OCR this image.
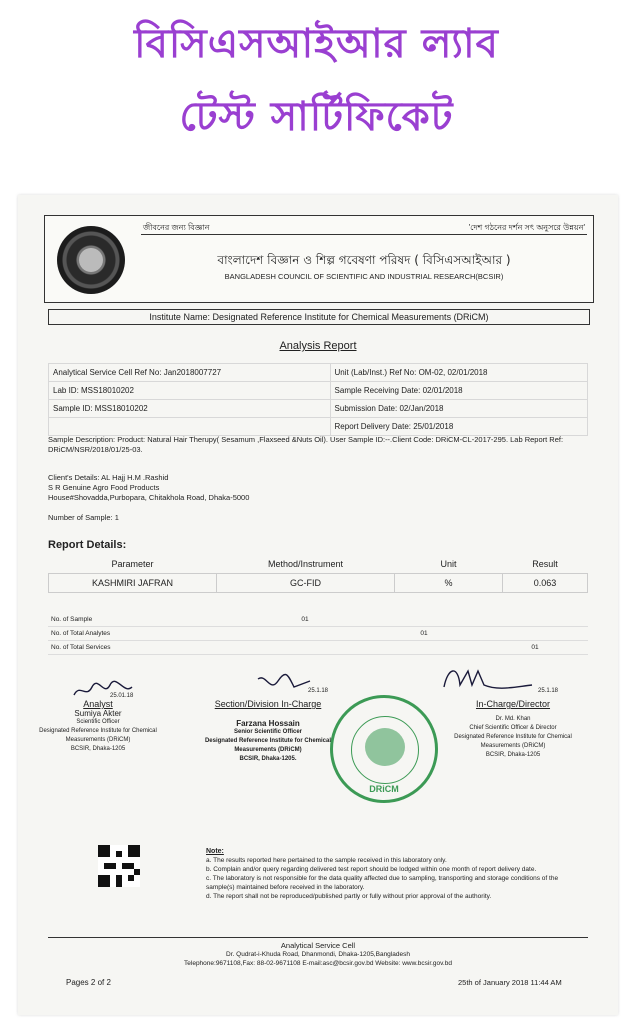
বিসিএসআইআর ল্যাব
টেস্ট সার্টিফিকেট
জীবনের জন্য বিজ্ঞান	'দেশ গঠনের দর্শন সৎ অনুসরে উন্নয়ন'
বাংলাদেশ বিজ্ঞান ও শিল্প গবেষণা পরিষদ ( বিসিএসআইআর )
BANGLADESH COUNCIL OF SCIENTIFIC AND INDUSTRIAL RESEARCH(BCSIR)
Institute Name: Designated Reference Institute for Chemical Measurements (DRiCM)
Analysis Report
Analytical Service Cell Ref No: Jan2018007727	Unit (Lab/Inst.) Ref No: OM-02, 02/01/2018
Lab ID: MSS18010202	Sample Receiving Date: 02/01/2018
Sample ID: MSS18010202	Submission Date: 02/Jan/2018
	Report Delivery Date: 25/01/2018
Sample Description: Product: Natural Hair Therupy( Sesamum ,Flaxseed &Nuts Oil). User Sample ID:--.Client Code: DRiCM-CL-2017-295. Lab Report Ref: DRiCM/NSR/2018/01/25-03.
Client's Details: AL Hajj H.M .Rashid
S R Genuine Agro Food Products
House#Shovadda,Purbopara, Chitakhola Road, Dhaka-5000
Number of Sample: 1
Report Details:
Parameter	Method/Instrument	Unit	Result
KASHMIRI JAFRAN	GC-FID	%	0.063
No. of Sample	01		
No. of Total Analytes		01	
No. of Total Services			01
25.01.18
Analyst
Sumiya Akter
Scientific Officer
Designated Reference Institute for Chemical Measurements (DRiCM)
BCSIR, Dhaka-1205
25.1.18
Section/Division In-Charge
Farzana Hossain
Senior Scientific Officer
Designated Reference Institute for Chemical Measurements (DRiCM)
BCSIR, Dhaka-1205.
DRiCM
25.1.18
In-Charge/Director
Dr. Md. Khan
Chief Scientific Officer & Director
Designated Reference Institute for Chemical Measurements (DRiCM)
BCSIR, Dhaka-1205
Note:
a. The results reported here pertained to the sample received in this laboratory only.
b. Complain and/or query regarding delivered test report should be lodged within one month of report delivery date.
c. The laboratory is not responsible for the data quality affected due to sampling, transporting and storage conditions of the sample(s) maintained before received in the laboratory.
d. The report shall not be reproduced/published partly or fully without prior approval of the authority.
Analytical Service Cell
Dr. Qudrat-i-Khuda Road, Dhanmondi, Dhaka-1205,Bangladesh
Telephone:9671108,Fax: 88-02-9671108 E-mail:asc@bcsir.gov.bd Website: www.bcsir.gov.bd
Pages 2 of 2	25th of January 2018 11:44 AM
